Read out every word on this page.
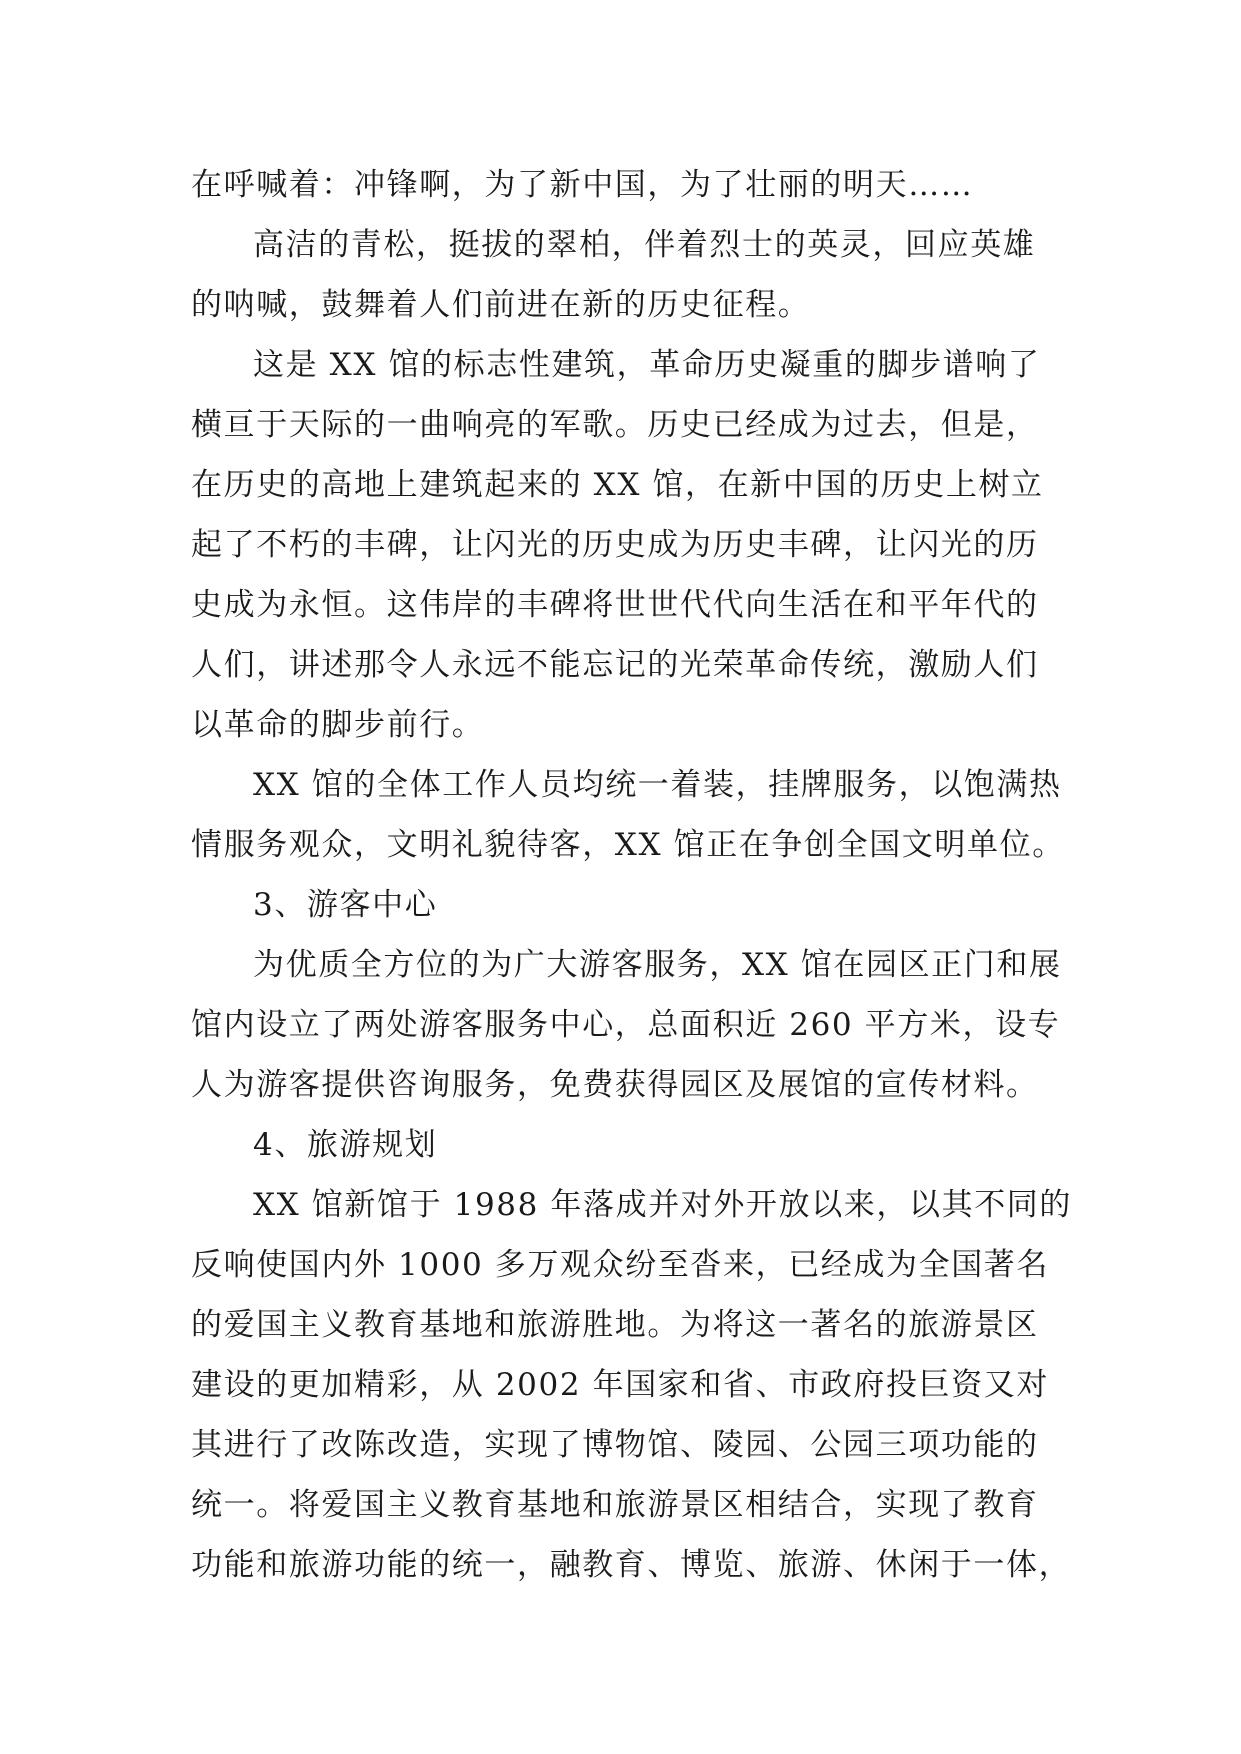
在呼喊着：冲锋啊，为了新中国，为了壮丽的明天……
高洁的青松，挺拔的翠柏，伴着烈士的英灵，回应英雄
的呐喊，鼓舞着人们前进在新的历史征程。
这是 XX 馆的标志性建筑，革命历史凝重的脚步谱响了
横亘于天际的一曲响亮的军歌。历史已经成为过去，但是，
在历史的高地上建筑起来的 XX 馆，在新中国的历史上树立
起了不朽的丰碑，让闪光的历史成为历史丰碑，让闪光的历
史成为永恒。这伟岸的丰碑将世世代代向生活在和平年代的
人们，讲述那令人永远不能忘记的光荣革命传统，激励人们
以革命的脚步前行。
XX 馆的全体工作人员均统一着装，挂牌服务，以饱满热
情服务观众，文明礼貌待客，XX 馆正在争创全国文明单位。
3、游客中心
为优质全方位的为广大游客服务，XX 馆在园区正门和展
馆内设立了两处游客服务中心，总面积近 260 平方米，设专
人为游客提供咨询服务，免费获得园区及展馆的宣传材料。
4、旅游规划
XX 馆新馆于 1988 年落成并对外开放以来，以其不同的
反响使国内外 1000 多万观众纷至沓来，已经成为全国著名
的爱国主义教育基地和旅游胜地。为将这一著名的旅游景区
建设的更加精彩，从 2002 年国家和省、市政府投巨资又对
其进行了改陈改造，实现了博物馆、陵园、公园三项功能的
统一。将爱国主义教育基地和旅游景区相结合，实现了教育
功能和旅游功能的统一，融教育、博览、旅游、休闲于一体，
